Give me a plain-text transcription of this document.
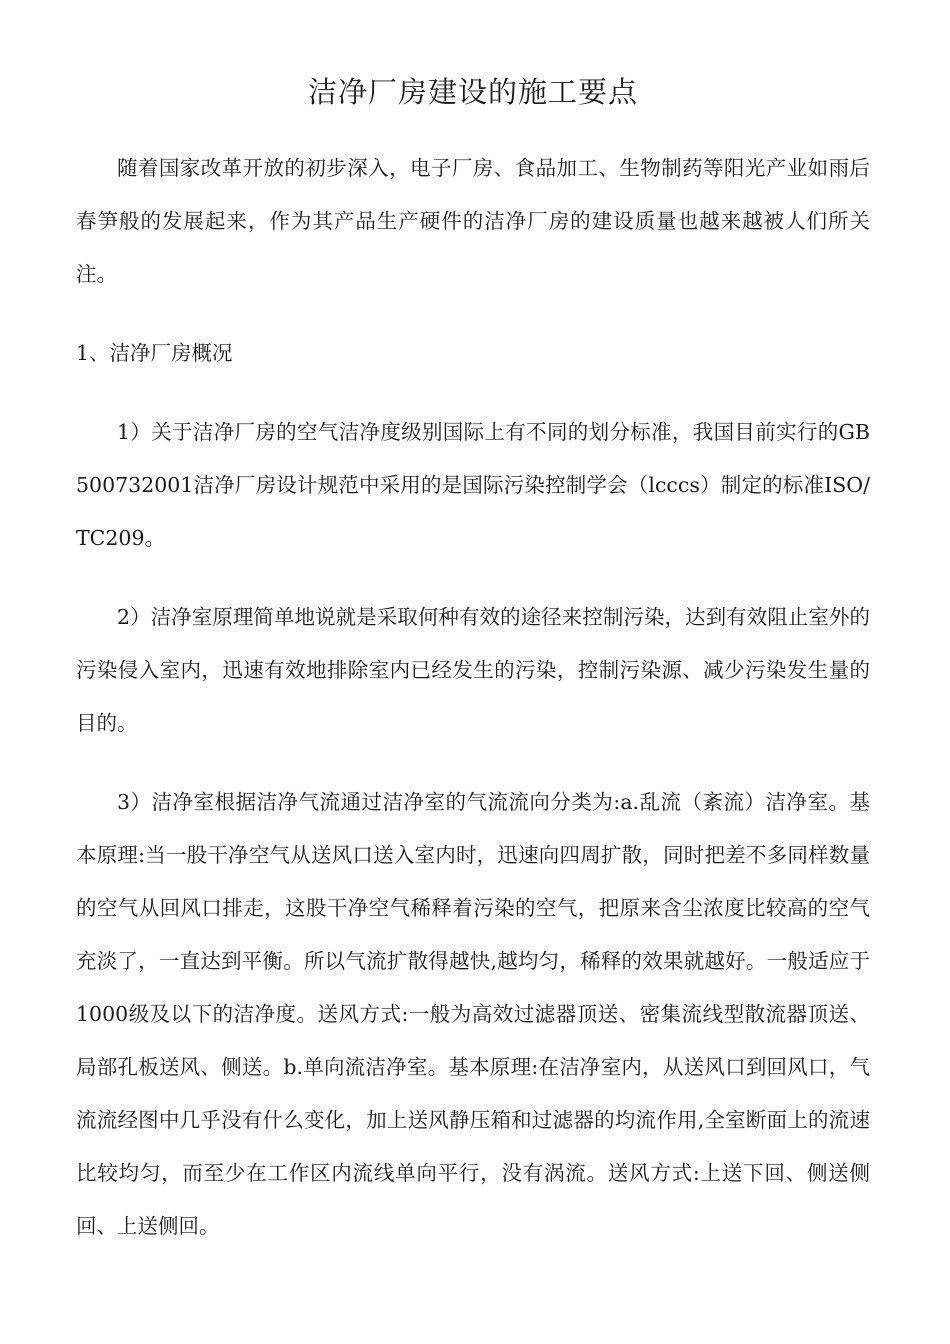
洁净厂房建设的施工要点

随着国家改革开放的初步深入，电子厂房、食品加工、生物制药等阳光产业如雨后春笋般的发展起来，作为其产品生产硬件的洁净厂房的建设质量也越来越被人们所关注。

1、洁净厂房概况

1）关于洁净厂房的空气洁净度级别国际上有不同的划分标准，我国目前实行的GB500732001洁净厂房设计规范中采用的是国际污染控制学会（lcccs）制定的标准ISO/TC209。

2）洁净室原理简单地说就是采取何种有效的途径来控制污染，达到有效阻止室外的污染侵入室内，迅速有效地排除室内已经发生的污染，控制污染源、减少污染发生量的目的。

3）洁净室根据洁净气流通过洁净室的气流流向分类为:a.乱流（紊流）洁净室。基本原理:当一股干净空气从送风口送入室内时，迅速向四周扩散，同时把差不多同样数量的空气从回风口排走，这股干净空气稀释着污染的空气，把原来含尘浓度比较高的空气充淡了，一直达到平衡。所以气流扩散得越快,越均匀，稀释的效果就越好。一般适应于1000级及以下的洁净度。送风方式:一般为高效过滤器顶送、密集流线型散流器顶送、局部孔板送风、侧送。b.单向流洁净室。基本原理:在洁净室内，从送风口到回风口，气流流经图中几乎没有什么变化，加上送风静压箱和过滤器的均流作用,全室断面上的流速比较均匀，而至少在工作区内流线单向平行，没有涡流。送风方式:上送下回、侧送侧回、上送侧回。
